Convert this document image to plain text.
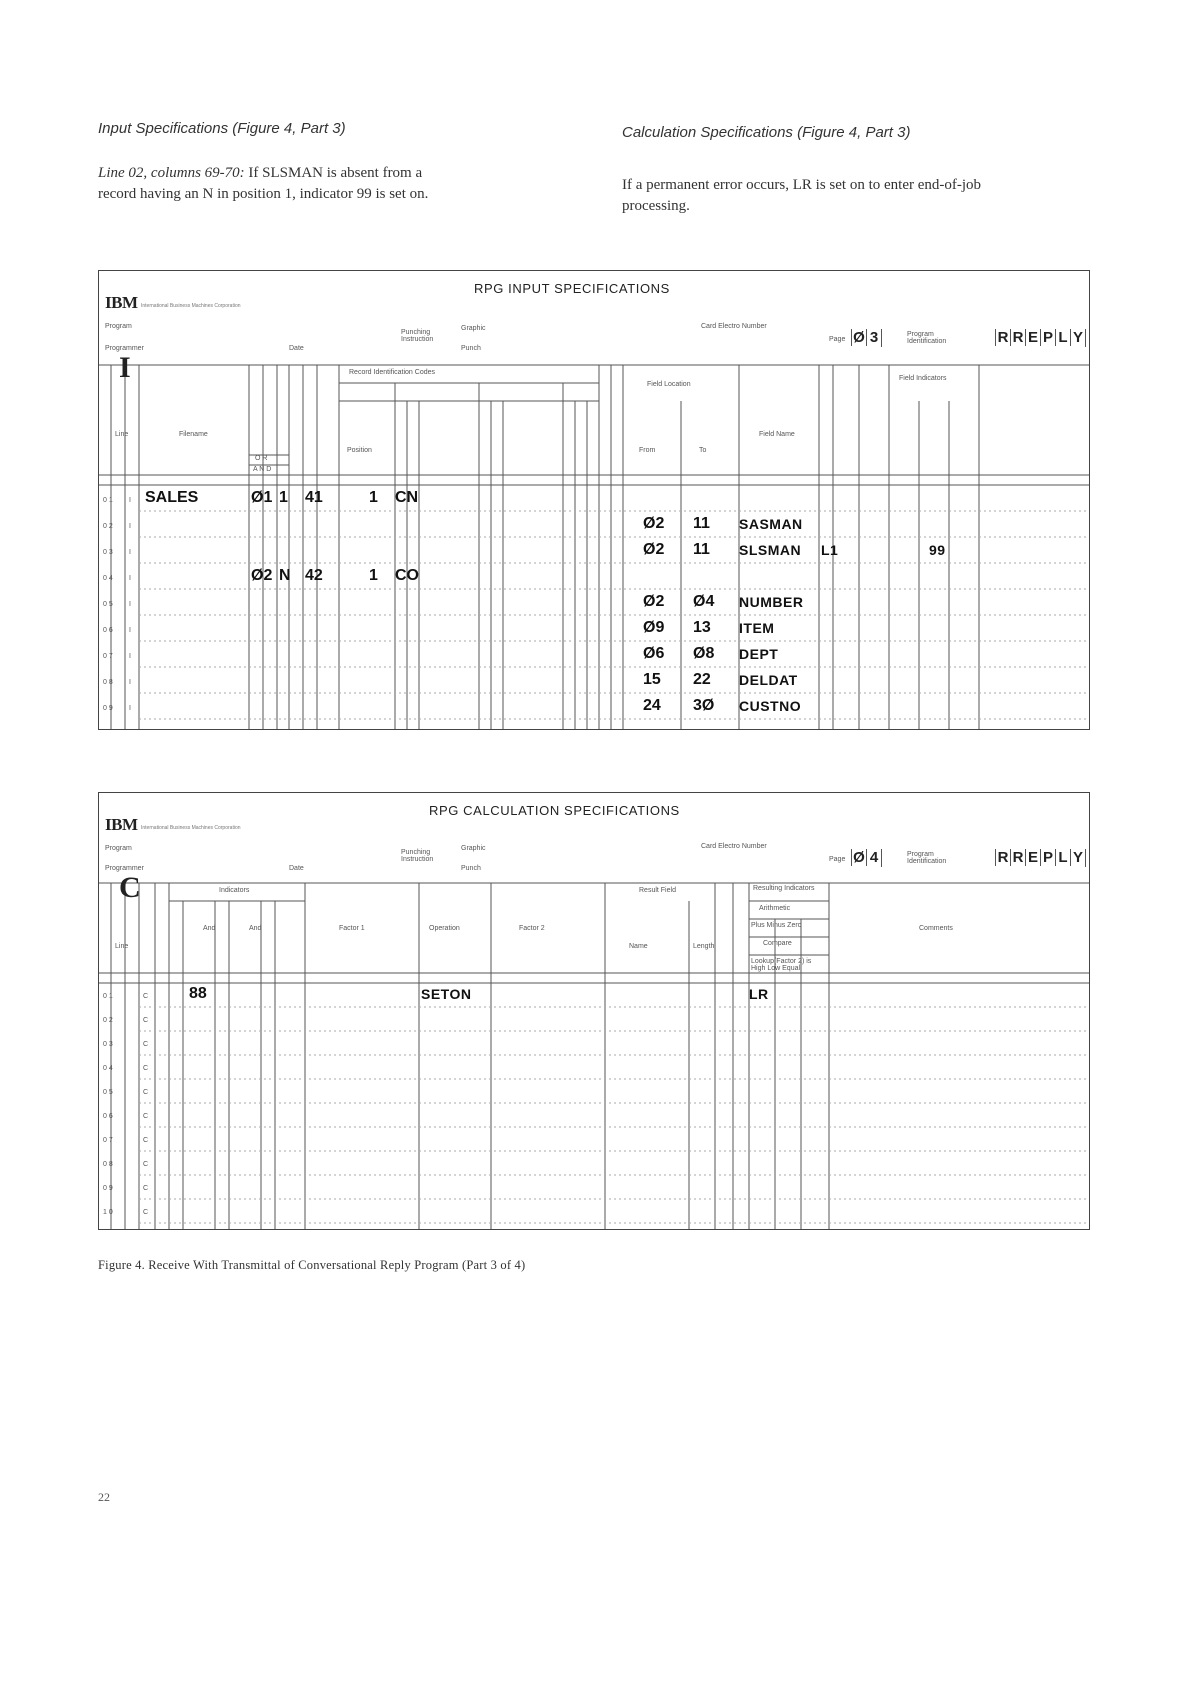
Input Specifications (Figure 4, Part 3)	Calculation Specifications (Figure 4, Part 3)
Line 02, columns 69-70: If SLSMAN is absent from a
record having an N in position 1, indicator 99 is set on.
If a permanent error occurs, LR is set on to enter end-of-job
processing.
IBM International Business Machines Corporation
RPG INPUT SPECIFICATIONS
Program
Programmer	Date
Punching Instruction
Graphic
Punch
Card Electro Number
Page
Program Identification
Ø 3	R R E P L Y
I	Record Identification Codes
Field Location
Field Indicators
Line	Filename
Position	From	To
Field Name
O R
A N D
0 1 I SALES	Ø1 1 41	1 CN
0 2 I	Ø2 11 SASMAN
0 3 I	Ø2 11 SLSMAN L1	99
0 4 I	Ø2 N 42	1 CO
0 5 I	Ø2 Ø4 NUMBER
0 6 I	Ø9 13 ITEM
0 7 I	Ø6 Ø8 DEPT
0 8 I	15 22 DELDAT
0 9 I	24 3Ø CUSTNO
IBM International Business Machines Corporation
RPG CALCULATION SPECIFICATIONS
Program
Programmer	Date
Punching Instruction
Graphic
Punch
Card Electro Number
Page
Program Identification
Ø 4	R R E P L Y
C	Indicators
And	And	Factor 1	Operation	Factor 2
Result Field
Name	Length
Resulting Indicators
Arithmetic
Plus Minus Zero
Compare
Lookup(Factor 2) is
High Low Equal
Comments
Line
0 1	C	88	SETON	LR
0 2	C
0 3	C
0 4	C
0 5	C
0 6	C
0 7	C
0 8	C
0 9	C
1 0	C
Figure 4. Receive With Transmittal of Conversational Reply Program (Part 3 of 4)
22
